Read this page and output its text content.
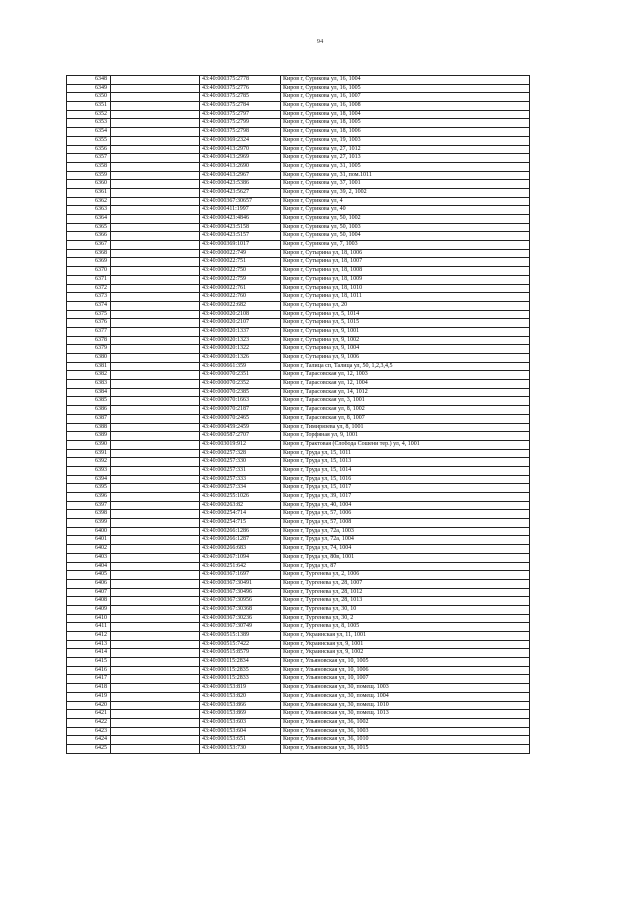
94
6348		43:40:000375:2778	Киров г, Сурикова ул, 16, 1004
6349		43:40:000375:2776	Киров г, Сурикова ул, 16, 1005
6350		43:40:000375:2785	Киров г, Сурикова ул, 16, 1007
6351		43:40:000375:2784	Киров г, Сурикова ул, 16, 1008
6352		43:40:000375:2797	Киров г, Сурикова ул, 18, 1004
6353		43:40:000375:2799	Киров г, Сурикова ул, 18, 1005
6354		43:40:000375:2798	Киров г, Сурикова ул, 18, 1006
6355		43:40:000369:2324	Киров г, Сурикова ул, 19, 1003
6356		43:40:000413:2970	Киров г, Сурикова ул, 27, 1012
6357		43:40:000413:2969	Киров г, Сурикова ул, 27, 1013
6358		43:40:000413:2690	Киров г, Сурикова ул, 31, 1005
6359		43:40:000413:2967	Киров г, Сурикова ул, 31, пом.1011
6360		43:40:000423:5386	Киров г, Сурикова ул, 37, 1001
6361		43:40:000423:5627	Киров г, Сурикова ул, 39, 2, 1002
6362		43:40:000367:30657	Киров г, Сурикова ул, 4
6363		43:40:000411:1997	Киров г, Сурикова ул, 40
6364		43:40:000423:4846	Киров г, Сурикова ул, 50, 1002
6365		43:40:000423:5158	Киров г, Сурикова ул, 50, 1003
6366		43:40:000423:5157	Киров г, Сурикова ул, 50, 1004
6367		43:40:000369:1017	Киров г, Сурикова ул, 7, 1003
6368		43:40:000022:749	Киров г, Сутырина ул, 18, 1006
6369		43:40:000022:751	Киров г, Сутырина ул, 18, 1007
6370		43:40:000022:750	Киров г, Сутырина ул, 18, 1008
6371		43:40:000022:759	Киров г, Сутырина ул, 18, 1009
6372		43:40:000022:761	Киров г, Сутырина ул, 18, 1010
6373		43:40:000022:760	Киров г, Сутырина ул, 18, 1011
6374		43:40:000022:682	Киров г, Сутырина ул, 20
6375		43:40:000020:2108	Киров г, Сутырина ул, 5, 1014
6376		43:40:000020:2107	Киров г, Сутырина ул, 5, 1015
6377		43:40:000020:1337	Киров г, Сутырина ул, 9, 1001
6378		43:40:000020:1323	Киров г, Сутырина ул, 9, 1002
6379		43:40:000020:1322	Киров г, Сутырина ул, 9, 1004
6380		43:40:000020:1326	Киров г, Сутырина ул, 9, 1006
6381		43:40:000661:359	Киров г, Талица сп, Талица ул, 50, 1,2,3,4,5
6382		43:40:000070:2351	Киров г, Тарасовская ул, 12, 1003
6383		43:40:000070:2352	Киров г, Тарасовская ул, 12, 1004
6384		43:40:000070:2385	Киров г, Тарасовская ул, 14, 1012
6385		43:40:000070:1663	Киров г, Тарасовская ул, 3, 1001
6386		43:40:000070:2187	Киров г, Тарасовская ул, 8, 1002
6387		43:40:000070:2465	Киров г, Тарасовская ул, 8, 1007
6388		43:40:000459:2459	Киров г, Тимирязева ул, 8, 1001
6389		43:40:000587:2707	Киров г, Торфяная ул, 9, 1001
6390		43:40:003019:912	Киров г, Трактовая (Слобода Сошени тер.) ул, 4, 1001
6391		43:40:000257:328	Киров г, Труда ул, 15, 1011
6392		43:40:000257:330	Киров г, Труда ул, 15, 1013
6393		43:40:000257:331	Киров г, Труда ул, 15, 1014
6394		43:40:000257:333	Киров г, Труда ул, 15, 1016
6395		43:40:000257:334	Киров г, Труда ул, 15, 1017
6396		43:40:000255:1026	Киров г, Труда ул, 39, 1017
6397		43:40:000263:82	Киров г, Труда ул, 40, 1004
6398		43:40:000254:714	Киров г, Труда ул, 57, 1006
6399		43:40:000254:715	Киров г, Труда ул, 57, 1008
6400		43:40:000266:1286	Киров г, Труда ул, 72а, 1003
6401		43:40:000266:1287	Киров г, Труда ул, 72а, 1004
6402		43:40:000266:683	Киров г, Труда ул, 74, 1004
6403		43:40:000267:1094	Киров г, Труда ул, 80в, 1001
6404		43:40:000251:642	Киров г, Труда ул, 87
6405		43:40:000367:1697	Киров г, Тургенева ул, 2, 1006
6406		43:40:000367:30491	Киров г, Тургенева ул, 28, 1007
6407		43:40:000367:30496	Киров г, Тургенева ул, 28, 1012
6408		43:40:000367:30956	Киров г, Тургенева ул, 28, 1013
6409		43:40:000367:30368	Киров г, Тургенева ул, 30, 10
6410		43:40:000367:30236	Киров г, Тургенева ул, 30, 2
6411		43:40:000367:30749	Киров г, Тургенева ул, 8, 1005
6412		43:40:000515:1389	Киров г, Украинская ул, 11, 1001
6413		43:40:000515:7422	Киров г, Украинская ул, 9, 1001
6414		43:40:000515:8579	Киров г, Украинская ул, 9, 1002
6415		43:40:000115:2834	Киров г, Ульяновская ул, 10, 1005
6416		43:40:000115:2835	Киров г, Ульяновская ул, 10, 1006
6417		43:40:000115:2833	Киров г, Ульяновская ул, 10, 1007
6418		43:40:000153:819	Киров г, Ульяновская ул, 30, помещ. 1003
6419		43:40:000153:820	Киров г, Ульяновская ул, 30, помещ. 1004
6420		43:40:000153:866	Киров г, Ульяновская ул, 30, помещ. 1010
6421		43:40:000153:869	Киров г, Ульяновская ул, 30, помещ. 1013
6422		43:40:000153:603	Киров г, Ульяновская ул, 36, 1002
6423		43:40:000153:604	Киров г, Ульяновская ул, 36, 1003
6424		43:40:000153:651	Киров г, Ульяновская ул, 36, 1010
6425		43:40:000153:730	Киров г, Ульяновская ул, 36, 1015
